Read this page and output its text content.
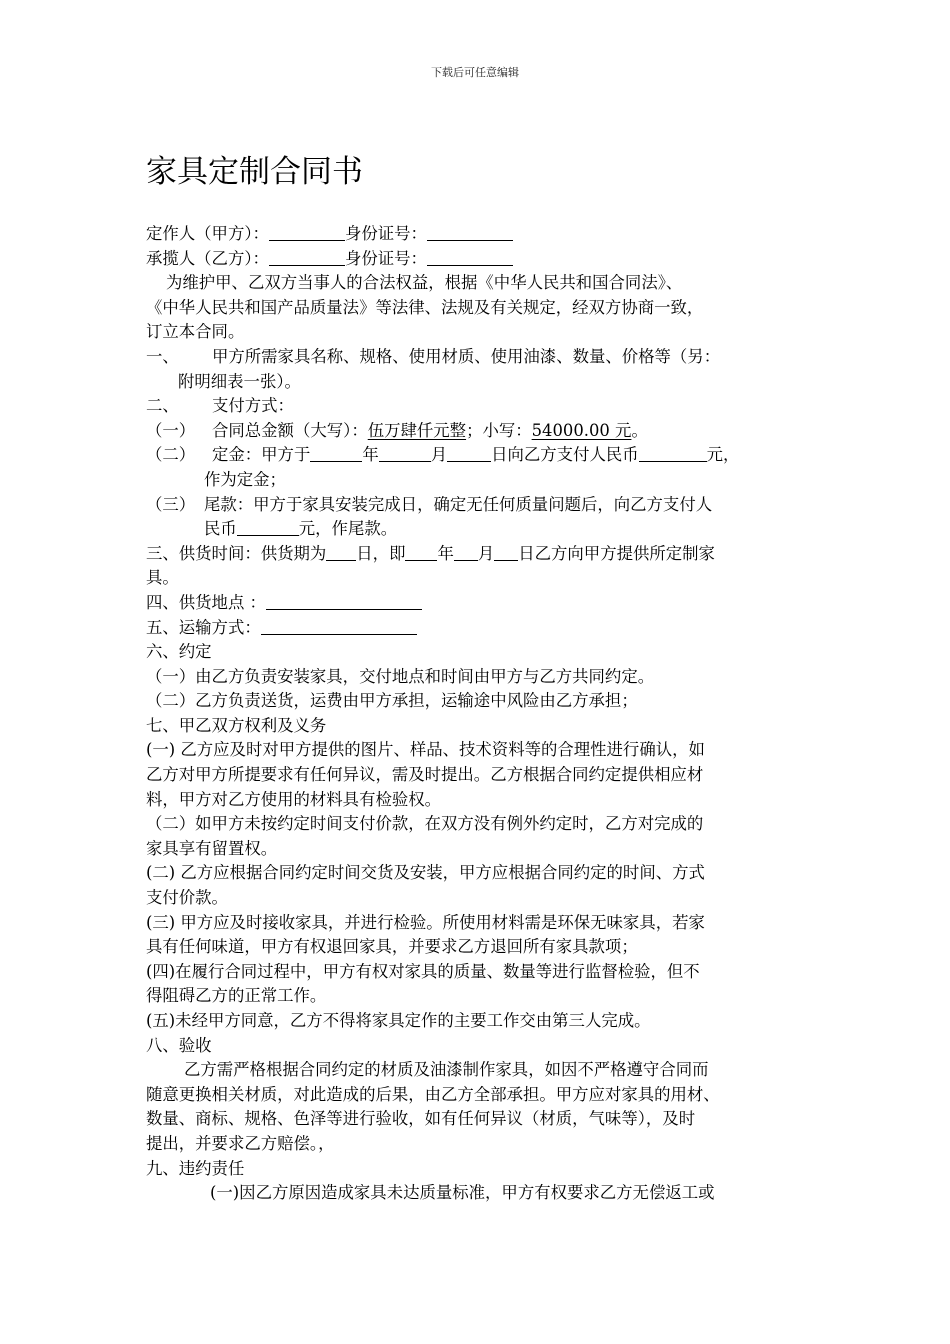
下载后可任意编辑
家具定制合同书
定作人（甲方）：	身份证号：
承揽人（乙方）：	身份证号：
为维护甲、乙双方当事人的合法权益，根据《中华人民共和国合同法》、
《中华人民共和国产品质量法》等法律、法规及有关规定，经双方协商一致，
订立本合同。
一、 甲方所需家具名称、规格、使用材质、使用油漆、数量、价格等（另：
附明细表一张）。
二、 支付方式：
（一） 合同总金额（大写）：伍万肆仟元整；小写：54000.00 元。
（二） 定金：甲方于	年	月	日向乙方支付人民币	元，
作为定金；
（三） 尾款：甲方于家具安装完成日，确定无任何质量问题后，向乙方支付人
民币	元，作尾款。
三、供货时间：供货期为 日，即 年 月 日乙方向甲方提供所定制家
具。
四、供货地点 ：
五、运输方式：
六、约定
（一）由乙方负责安装家具，交付地点和时间由甲方与乙方共同约定。
（二）乙方负责送货，运费由甲方承担，运输途中风险由乙方承担；
七、甲乙双方权利及义务
(一) 乙方应及时对甲方提供的图片、样品、技术资料等的合理性进行确认，如
乙方对甲方所提要求有任何异议，需及时提出。乙方根据合同约定提供相应材
料，甲方对乙方使用的材料具有检验权。
（二）如甲方未按约定时间支付价款，在双方没有例外约定时，乙方对完成的
家具享有留置权。
(二) 乙方应根据合同约定时间交货及安装，甲方应根据合同约定的时间、方式
支付价款。
(三) 甲方应及时接收家具，并进行检验。所使用材料需是环保无味家具，若家
具有任何味道，甲方有权退回家具，并要求乙方退回所有家具款项；
(四)在履行合同过程中，甲方有权对家具的质量、数量等进行监督检验，但不
得阻碍乙方的正常工作。
(五)未经甲方同意，乙方不得将家具定作的主要工作交由第三人完成。
八、验收
乙方需严格根据合同约定的材质及油漆制作家具，如因不严格遵守合同而
随意更换相关材质，对此造成的后果，由乙方全部承担。甲方应对家具的用材、
数量、商标、规格、色泽等进行验收，如有任何异议（材质，气味等），及时
提出，并要求乙方赔偿。，
九、违约责任
(一)因乙方原因造成家具未达质量标准，甲方有权要求乙方无偿返工或
